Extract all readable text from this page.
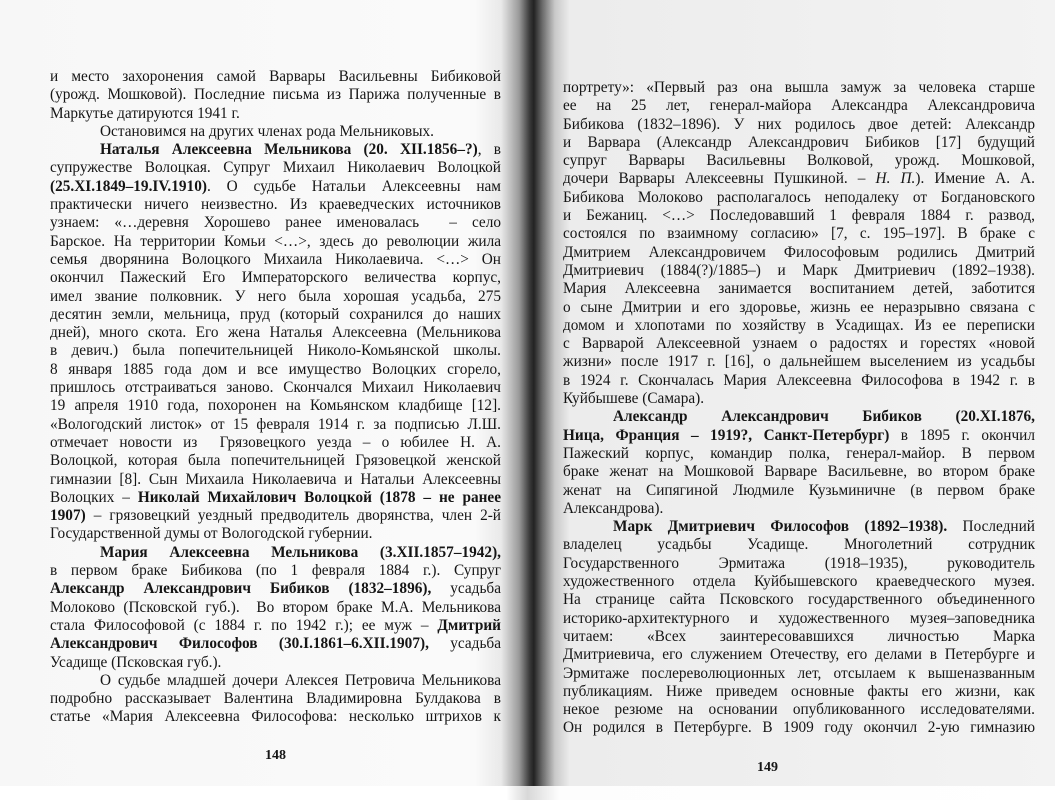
и место захоронения самой Варвары Васильевны Бибиковой
(урожд. Мошковой). Последние письма из Парижа полученные в
Маркутье датируются 1941 г.
Остановимся на других членах рода Мельниковых.
Наталья Алексеевна Мельникова (20. XII.1856–?), в
супружестве Волоцкая. Супруг Михаил Николаевич Волоцкой
(25.XI.1849–19.IV.1910). О судьбе Натальи Алексеевны нам
практически ничего неизвестно. Из краеведческих источников
узнаем: «…деревня Хорошево ранее именовалась  – село
Барское. На территории Комьи <…>, здесь до революции жила
семья дворянина Волоцкого Михаила Николаевича. <…> Он
окончил Пажеский Его Императорского величества корпус,
имел звание полковник. У него была хорошая усадьба, 275
десятин земли, мельница, пруд (который сохранился до наших
дней), много скота. Его жена Наталья Алексеевна (Мельникова
в девич.) была попечительницей Николо-Комьянской школы.
8 января 1885 года дом и все имущество Волоцких сгорело,
пришлось отстраиваться заново. Скончался Михаил Николаевич
19 апреля 1910 года, похоронен на Комьянском кладбище [12].
«Вологодский листок» от 15 февраля 1914 г. за подписью Л.Ш.
отмечает новости из  Грязовецкого уезда – о юбилее Н. А.
Волоцкой, которая была попечительницей Грязовецкой женской
гимназии [8]. Сын Михаила Николаевича и Натальи Алексеевны
Волоцких – Николай Михайлович Волоцкой (1878 – не ранее
1907) – грязовецкий уездный предводитель дворянства, член 2-й
Государственной думы от Вологодской губернии.
Мария Алексеевна Мельникова (3.XII.1857–1942),
в первом браке Бибикова (по 1 февраля 1884 г.). Супруг
Александр Александрович Бибиков (1832–1896), усадьба
Молоково (Псковской губ.).  Во втором браке М.А. Мельникова
стала Философовой (с 1884 г. по 1942 г.); ее муж – Дмитрий
Александрович Философов (30.I.1861–6.XII.1907), усадьба
Усадище (Псковская губ.).
О судьбе младшей дочери Алексея Петровича Мельникова
подробно рассказывает Валентина Владимировна Булдакова в
статье «Мария Алексеевна Философова: несколько штрихов к
148
портрету»: «Первый раз она вышла замуж за человека старше
ее на 25 лет, генерал-майора Александра Александровича
Бибикова (1832–1896). У них родилось двое детей: Александр
и Варвара (Александр Александрович Бибиков [17] будущий
супруг Варвары Васильевны Волковой, урожд. Мошковой,
дочери Варвары Алексеевны Пушкиной. – Н. П.). Имение А. А.
Бибикова Молоково располагалось неподалеку от Богдановского
и Бежаниц. <…> Последовавший 1 февраля 1884 г. развод,
состоялся по взаимному согласию» [7, с. 195–197]. В браке с
Дмитрием Александровичем Философовым родились Дмитрий
Дмитриевич (1884(?)/1885–) и Марк Дмитриевич (1892–1938).
Мария Алексеевна занимается воспитанием детей, заботится
о сыне Дмитрии и его здоровье, жизнь ее неразрывно связана с
домом и хлопотами по хозяйству в Усадищах. Из ее переписки
с Варварой Алексеевной узнаем о радостях и горестях «новой
жизни» после 1917 г. [16], о дальнейшем выселением из усадьбы
в 1924 г. Скончалась Мария Алексеевна Философова в 1942 г. в
Куйбышеве (Самара).
Александр Александрович Бибиков (20.XI.1876,
Ница, Франция – 1919?, Санкт-Петербург) в 1895 г. окончил
Пажеский корпус, командир полка, генерал-майор. В первом
браке женат на Мошковой Варваре Васильевне, во втором браке
женат на Сипягиной Людмиле Кузьминичне (в первом браке
Александрова).
Марк Дмитриевич Философов (1892–1938). Последний
владелец усадьбы Усадище. Многолетний сотрудник
Государственного Эрмитажа (1918–1935), руководитель
художественного отдела Куйбышевского краеведческого музея.
На странице сайта Псковского государственного объединенного
историко-архитектурного и художественного музея–заповедника
читаем: «Всех заинтересовавшихся личностью Марка
Дмитриевича, его служением Отечеству, его делами в Петербурге и
Эрмитаже послереволюционных лет, отсылаем к вышеназванным
публикациям. Ниже приведем основные факты его жизни, как
некое резюме на основании опубликованного исследователями.
Он родился в Петербурге. В 1909 году окончил 2-ую гимназию
149
